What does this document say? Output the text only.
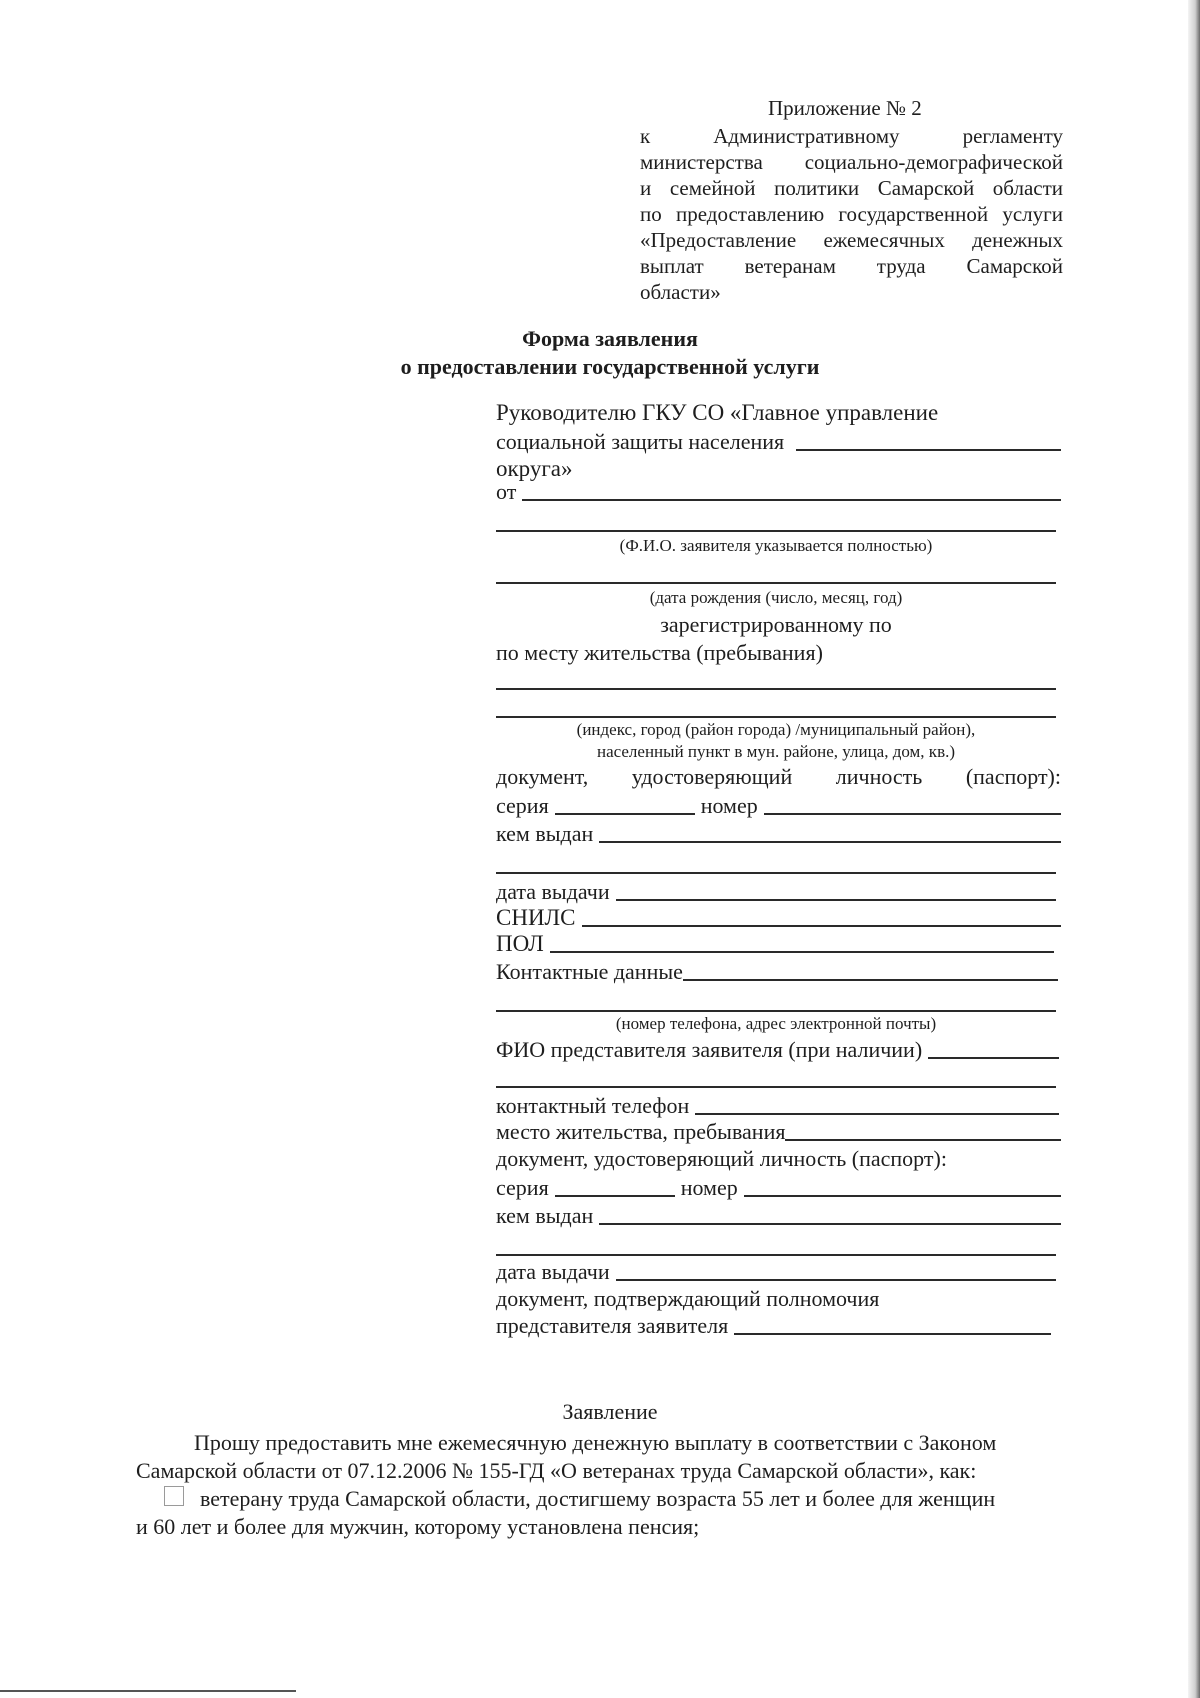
Приложение № 2
к	Административному	регламенту
министерства социально-демографической
и семейной политики Самарской области
по предоставлению государственной услуги
«Предоставление ежемесячных денежных
выплат ветеранам труда Самарской
области»
Форма заявления
о предоставлении государственной услуги
Руководителю ГКУ СО «Главное управление
социальной защиты населения
округа»
от
(Ф.И.О. заявителя указывается полностью)
(дата рождения (число, месяц, год)
зарегистрированному по
по месту жительства (пребывания)
(индекс, город (район города) /муниципальный район),
населенный пункт в мун. районе, улица, дом, кв.)
документ, удостоверяющий личность (паспорт):
серия	номер
кем выдан
дата выдачи
СНИЛС
ПОЛ
Контактные данные
(номер телефона, адрес электронной почты)
ФИО представителя заявителя (при наличии)
контактный телефон
место жительства, пребывания
документ, удостоверяющий личность (паспорт):
серия	номер
кем выдан
дата выдачи
документ, подтверждающий полномочия
представителя заявителя
Заявление
Прошу предоставить мне ежемесячную денежную выплату в соответствии с Законом
Самарской области от 07.12.2006 № 155-ГД «О ветеранах труда Самарской области», как:
ветерану труда Самарской области, достигшему возраста 55 лет и более для женщин
и 60 лет и более для мужчин, которому установлена пенсия;
